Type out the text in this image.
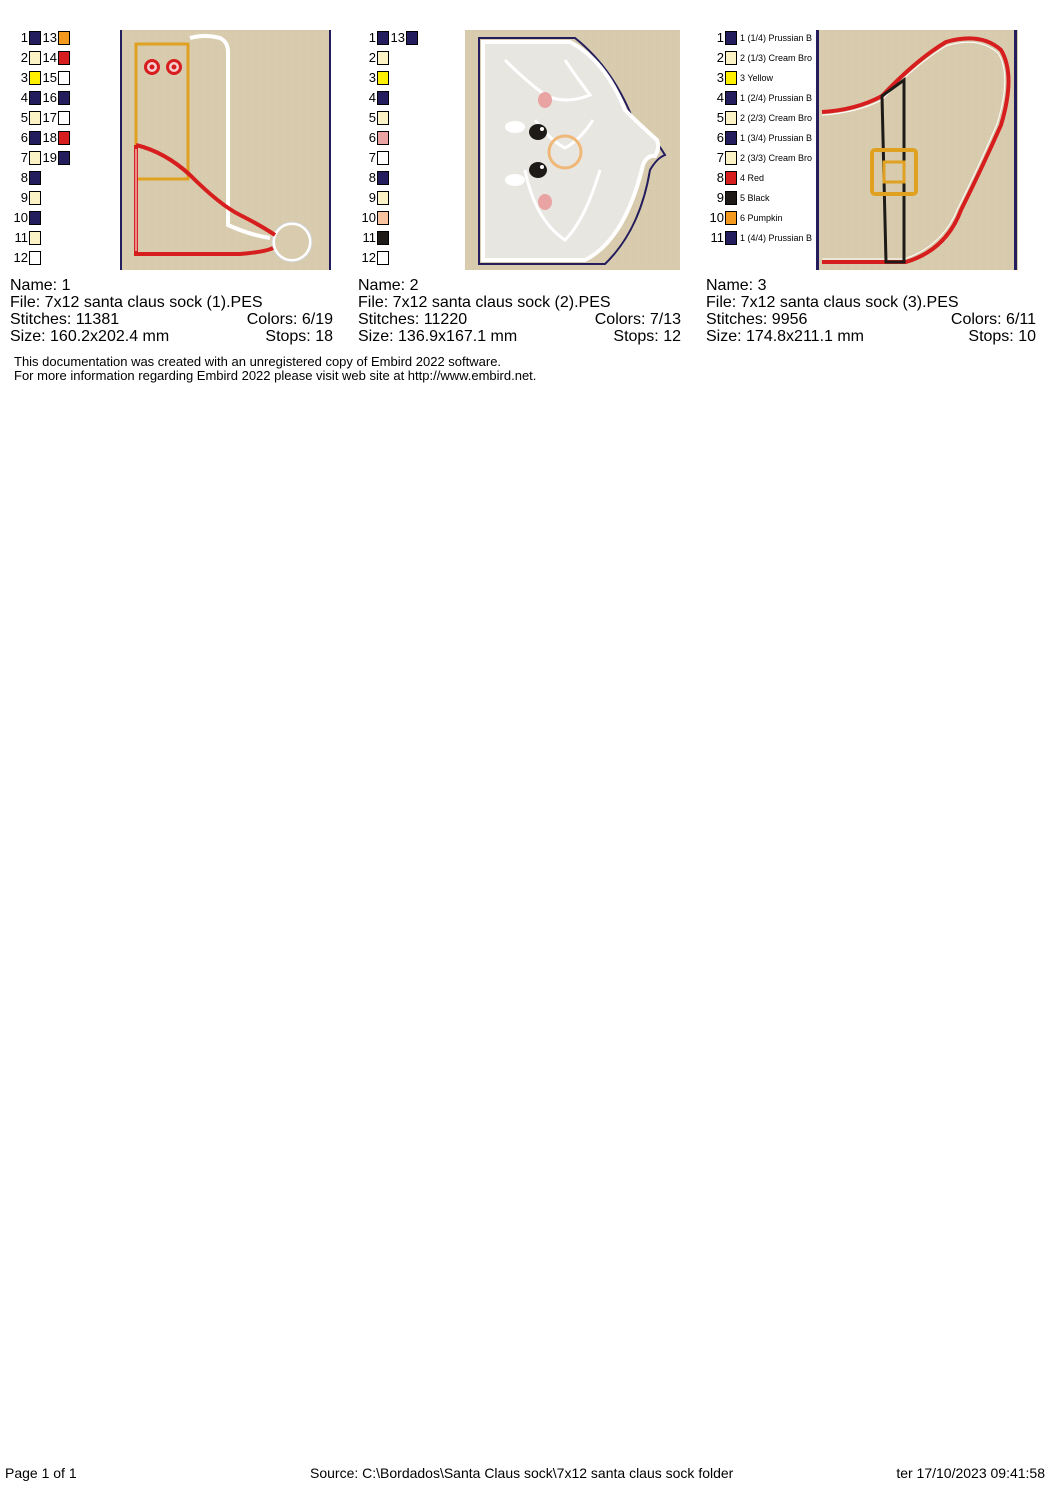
1 13
2 14
3 15
4 16
5 17
6 18
7 19
8
9
10
11
12
Name: 1
File: 7x12 santa claus sock (1).PES
Stitches: 11381	Colors: 6/19
Size: 160.2x202.4 mm	Stops: 18
1 13
2
3
4
5
6
7
8
9
10
11
12
Name: 2
File: 7x12 santa claus sock (2).PES
Stitches: 11220	Colors: 7/13
Size: 136.9x167.1 mm	Stops: 12
1 1 (1/4) Prussian B
2 2 (1/3) Cream Bro
3 3 Yellow
4 1 (2/4) Prussian B
5 2 (2/3) Cream Bro
6 1 (3/4) Prussian B
7 2 (3/3) Cream Bro
8 4 Red
9 5 Black
10 6 Pumpkin
11 1 (4/4) Prussian B
Name: 3
File: 7x12 santa claus sock (3).PES
Stitches: 9956	Colors: 6/11
Size: 174.8x211.1 mm	Stops: 10
This documentation was created with an unregistered copy of Embird 2022 software.
For more information regarding Embird 2022 please visit web site at http://www.embird.net.
Page 1 of 1	Source: C:\Bordados\Santa Claus sock\7x12 santa claus sock folder	ter 17/10/2023 09:41:58
